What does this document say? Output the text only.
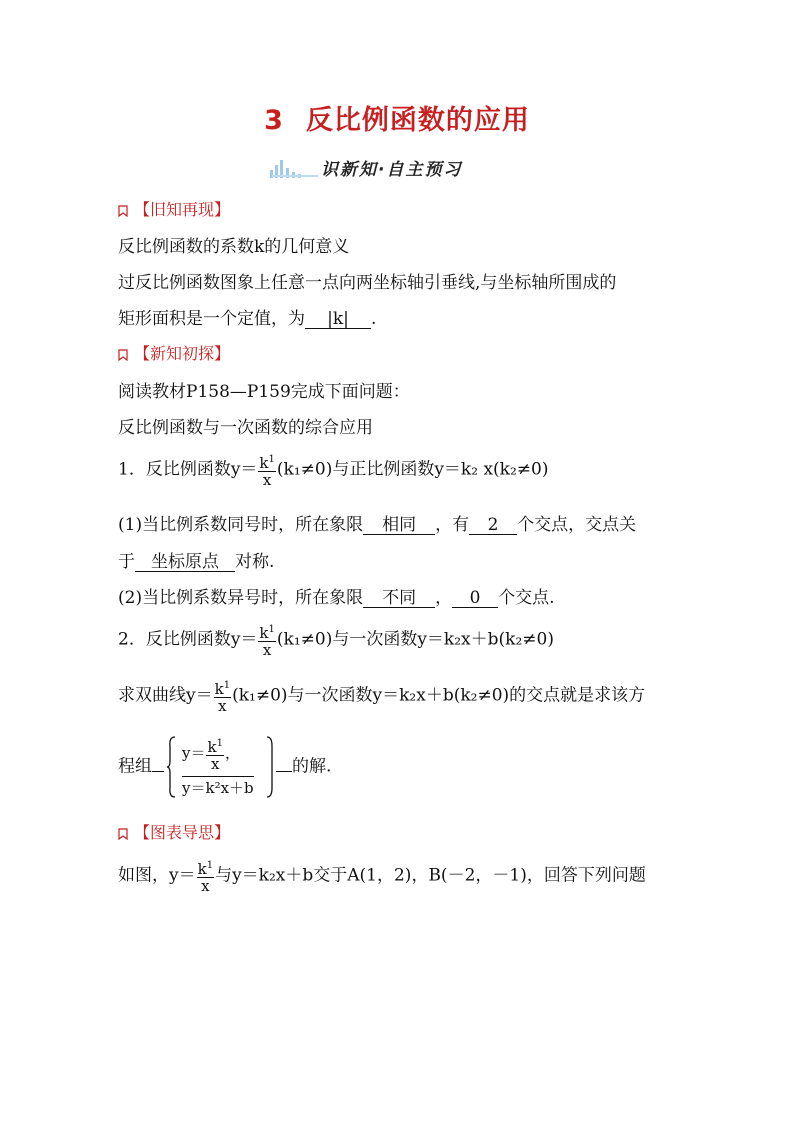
3 反比例函数的应用
识新知·自主预习
【旧知再现】
反比例函数的系数k的几何意义
过反比例函数图象上任意一点向两坐标轴引垂线,与坐标轴所围成的
矩形面积是一个定值，为 |k| .
【新知初探】
阅读教材P158—P159完成下面问题：
反比例函数与一次函数的综合应用
1．反比例函数$y= \frac{k^1}{x} (k_1\ne 0)$与正比例函数y＝k₂ x(k₂≠0)
(1)当比例系数同号时，所在象限 相同 ，有 2 个交点，交点关
于 坐标原点 对称.
(2)当比例系数异号时，所在象限 不同 ， 0 个交点.
2．反比例函数$y= \frac{k^1}{x} (k_1\ne 0)$与一次函数y＝k₂x＋b(k₂≠0)
求双曲线$y= \frac{k^1}{x} (k_1\ne 0)$与一次函数y＝k₂x＋b(k₂≠0)的交点就是求该方
程组 $\frac{y= \frac{k^1}{x} ,}{\text{y＝k²x＋b}}$ 的解.
【图表导思】
如图，$y= \frac{k^1}{x}$ 与y＝k₂x＋b交于A(1，2)，B(－2，－1)，回答下列问题
